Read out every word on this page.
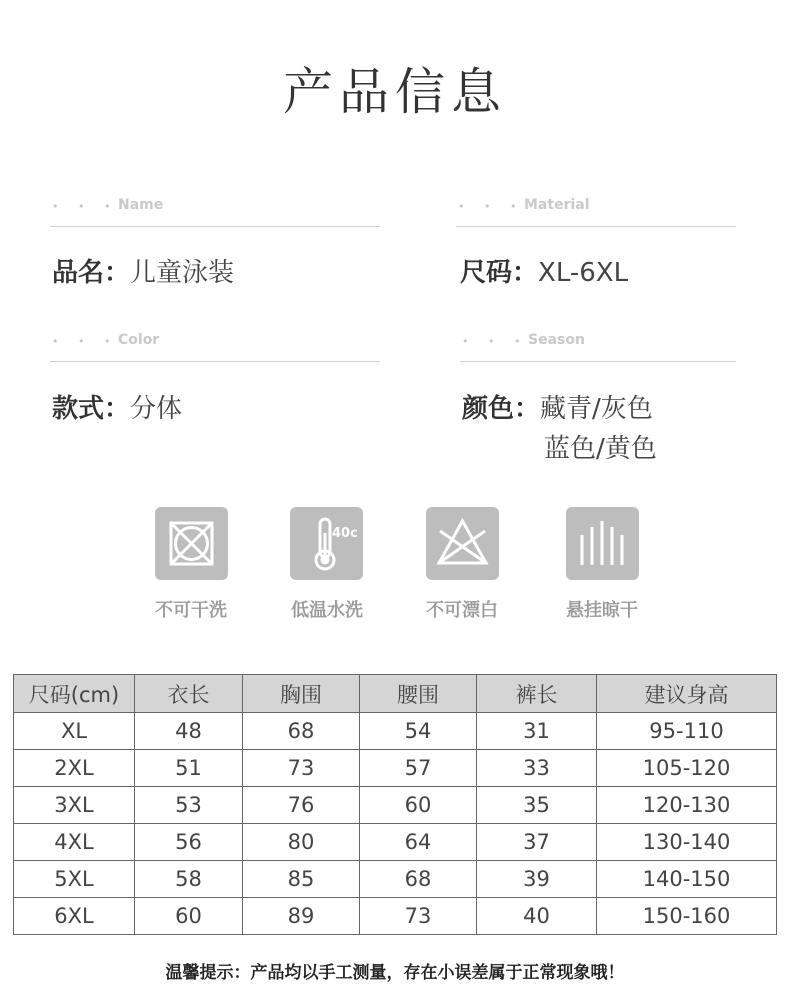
产品信息
• • • Name
品名：儿童泳装
• • • Material
尺码：XL-6XL
• • • Color
款式：分体
• • • Season
颜色：藏青/灰色
蓝色/黄色
不可干洗
40c
低温水洗	不可漂白	悬挂晾干
尺码(cm)	衣长	胸围	腰围	裤长	建议身高
XL	48	68	54	31	95-110
2XL	51	73	57	33	105-120
3XL	53	76	60	35	120-130
4XL	56	80	64	37	130-140
5XL	58	85	68	39	140-150
6XL	60	89	73	40	150-160
温馨提示：产品均以手工测量，存在小误差属于正常现象哦！
